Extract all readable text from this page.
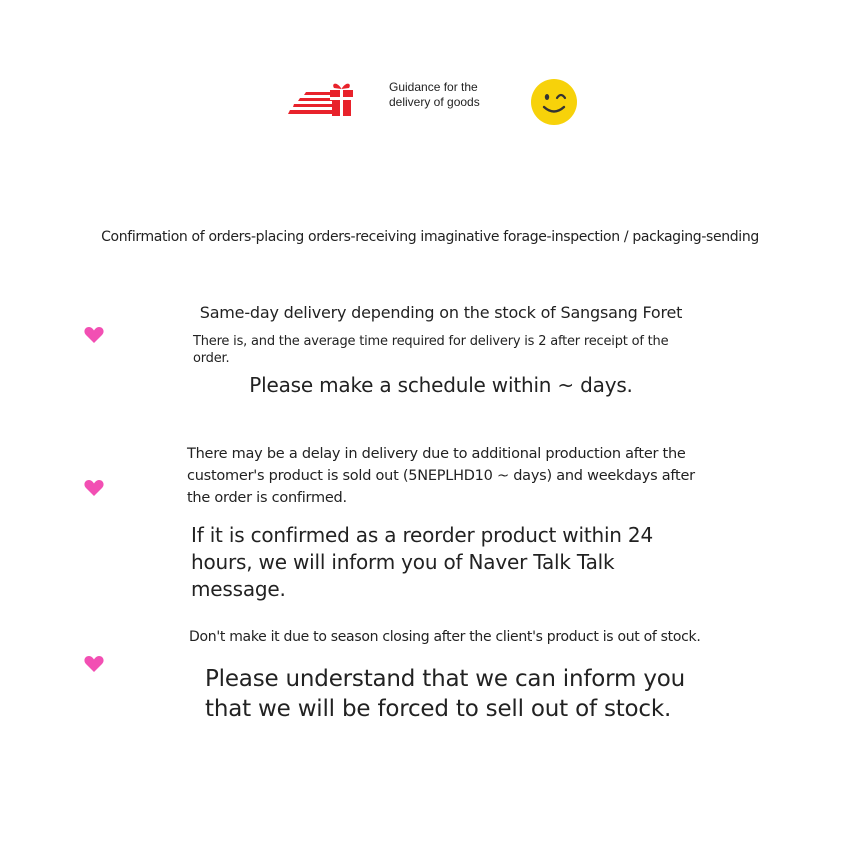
Guidance for the delivery of goods
Confirmation of orders-placing orders-receiving imaginative forage-inspection / packaging-sending
Same-day delivery depending on the stock of Sangsang Foret
There is, and the average time required for delivery is 2 after receipt of the order.
Please make a schedule within ~ days.
There may be a delay in delivery due to additional production after the customer's product is sold out (5NEPLHD10 ~ days) and weekdays after the order is confirmed.
If it is confirmed as a reorder product within 24 hours, we will inform you of Naver Talk Talk message.
Don't make it due to season closing after the client's product is out of stock.
Please understand that we can inform you that we will be forced to sell out of stock.
